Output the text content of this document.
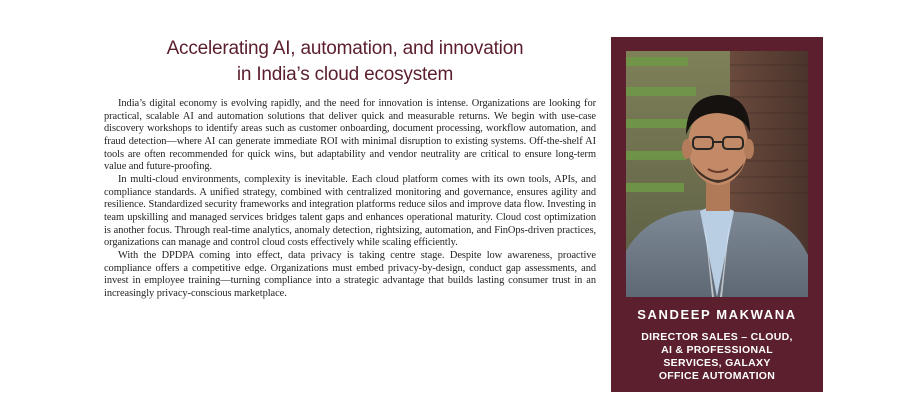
Accelerating AI, automation, and innovation
in India’s cloud ecosystem

India’s digital economy is evolving rapidly, and the need for innovation is intense. Organizations are looking for practical, scalable AI and automation solutions that deliver quick and measurable returns. We begin with use-case discovery workshops to identify areas such as customer onboarding, document processing, workflow automation, and fraud detection—where AI can generate immediate ROI with minimal disruption to existing systems. Off-the-shelf AI tools are often recommended for quick wins, but adaptability and vendor neutrality are critical to ensure long-term value and future-proofing.

In multi-cloud environments, complexity is inevitable. Each cloud platform comes with its own tools, APIs, and compliance standards. A unified strategy, combined with centralized monitoring and governance, ensures agility and resilience. Standardized security frameworks and integration platforms reduce silos and improve data flow. Investing in team upskilling and managed services bridges talent gaps and enhances operational maturity. Cloud cost optimization is another focus. Through real-time analytics, anomaly detection, rightsizing, automation, and FinOps-driven practices, organizations can manage and control cloud costs effectively while scaling efficiently.

With the DPDPA coming into effect, data privacy is taking centre stage. Despite low awareness, proactive compliance offers a competitive edge. Organizations must embed privacy-by-design, conduct gap assessments, and invest in employee training—turning compliance into a strategic advantage that builds lasting consumer trust in an increasingly privacy-conscious marketplace.

SANDEEP MAKWANA
DIRECTOR SALES – CLOUD,
AI & PROFESSIONAL
SERVICES, GALAXY
OFFICE AUTOMATION
